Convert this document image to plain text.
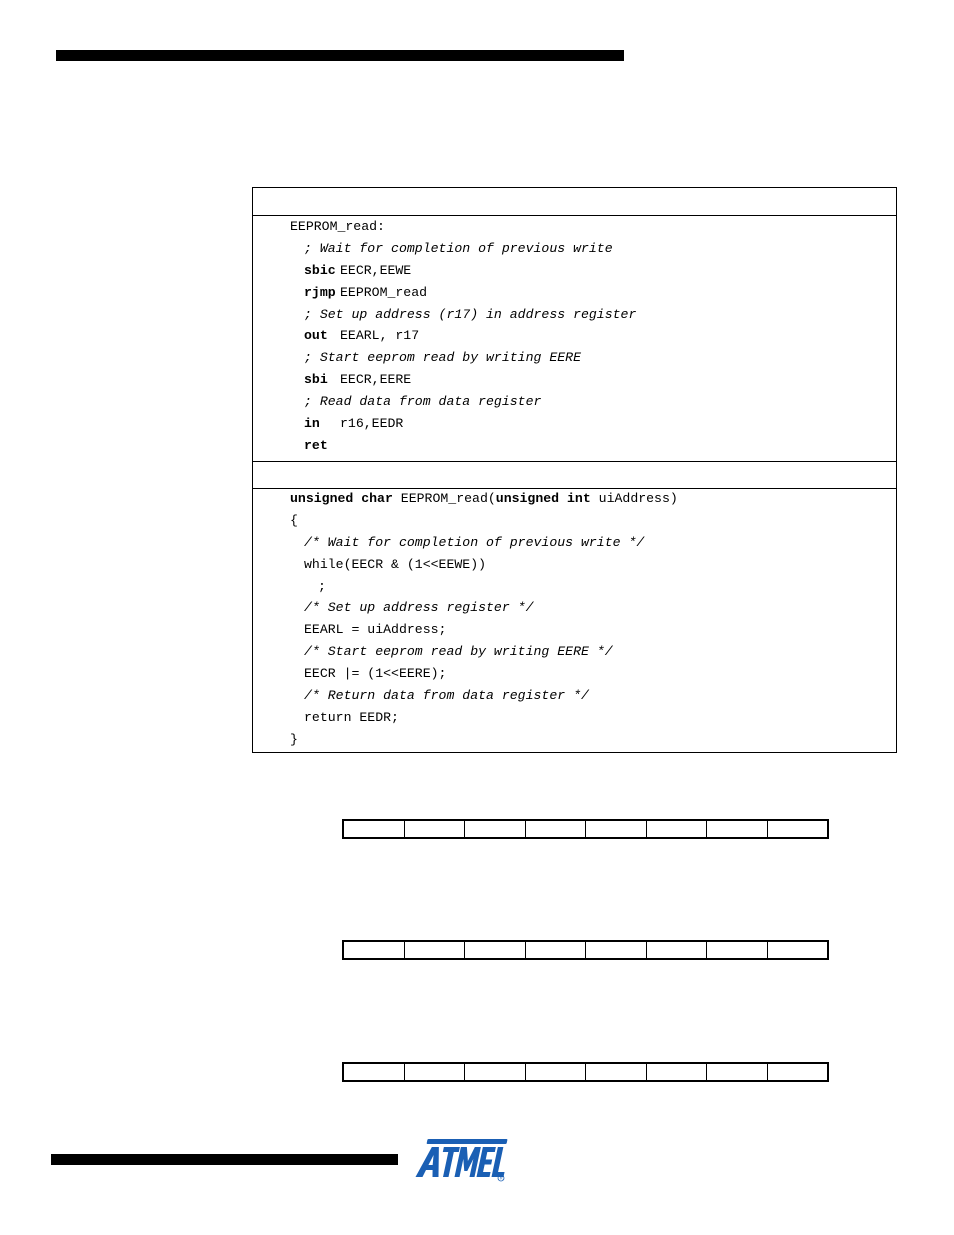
EEPROM_read:
; Wait for completion of previous write
sbic EECR,EEWE
rjmp EEPROM_read
; Set up address (r17) in address register
out EEARL, r17
; Start eeprom read by writing EERE
sbi EECR,EERE
; Read data from data register
in r16,EEDR
ret
unsigned char EEPROM_read(unsigned int uiAddress)
{
/* Wait for completion of previous write */
while(EECR & (1<<EEWE))
;
/* Set up address register */
EEARL = uiAddress;
/* Start eeprom read by writing EERE */
EECR |= (1<<EERE);
/* Return data from data register */
return EEDR;
}
R
